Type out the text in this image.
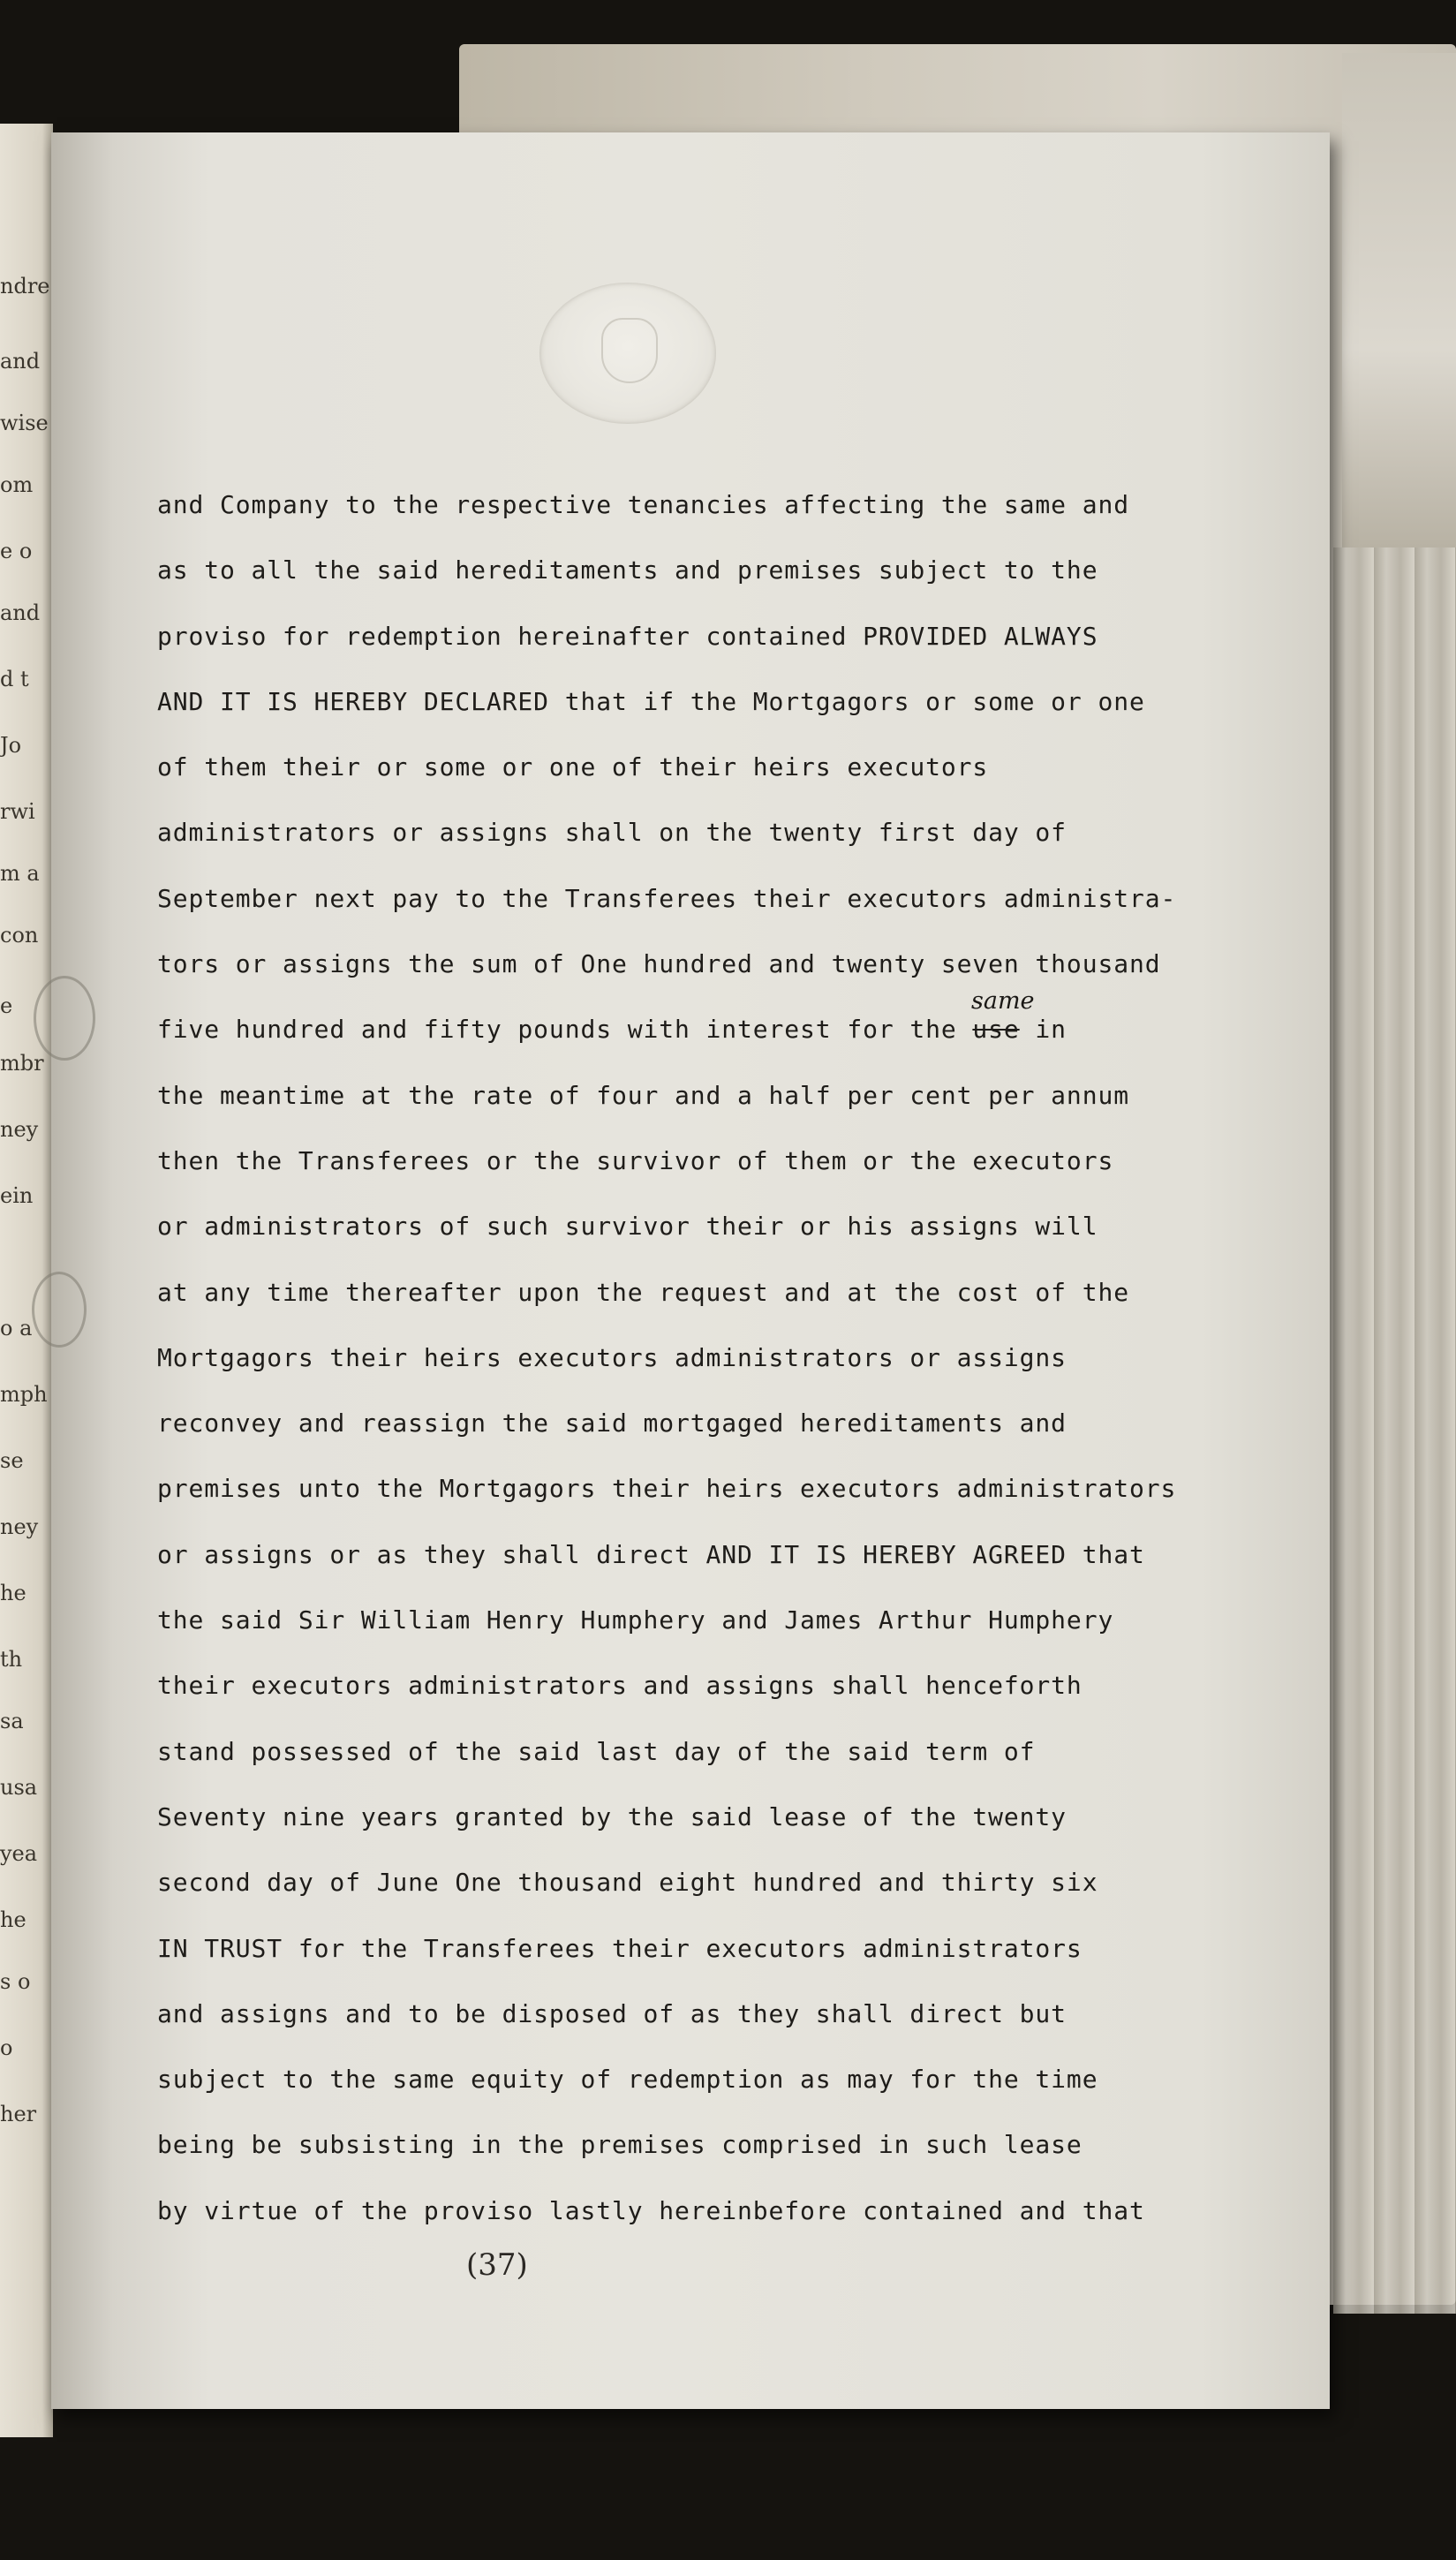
ndre
and
wise
om
e o
and
d t
Jo
rwi
m a
con
e
mbr
ney
ein
o a
mph
se
ney
he
th
sa
usa
yea
he
s o
o
her
and Company to the respective tenancies affecting the same and
as to all the said hereditaments and premises subject to the
proviso for redemption hereinafter contained PROVIDED ALWAYS
AND IT IS HEREBY DECLARED that if the Mortgagors or some or one
of them their or some or one of their heirs executors
administrators or assigns shall on the twenty first day of
September next pay to the Transferees their executors administra-
tors or assigns the sum of One hundred and twenty seven thousand
five hundred and fifty pounds with interest for the use in
the meantime at the rate of four and a half per cent per annum
then the Transferees or the survivor of them or the executors
or administrators of such survivor their or his assigns will
at any time thereafter upon the request and at the cost of the
Mortgagors their heirs executors administrators or assigns
reconvey and reassign the said mortgaged hereditaments and
premises unto the Mortgagors their heirs executors administrators
or assigns or as they shall direct AND IT IS HEREBY AGREED that
the said Sir William Henry Humphery and James Arthur Humphery
their executors administrators and assigns shall henceforth
stand possessed of the said last day of the said term of
Seventy nine years granted by the said lease of the twenty
second day of June One thousand eight hundred and thirty six
IN TRUST for the Transferees their executors administrators
and assigns and to be disposed of as they shall direct but
subject to the same equity of redemption as may for the time
being be subsisting in the premises comprised in such lease
by virtue of the proviso lastly hereinbefore contained and that
same
(37)
